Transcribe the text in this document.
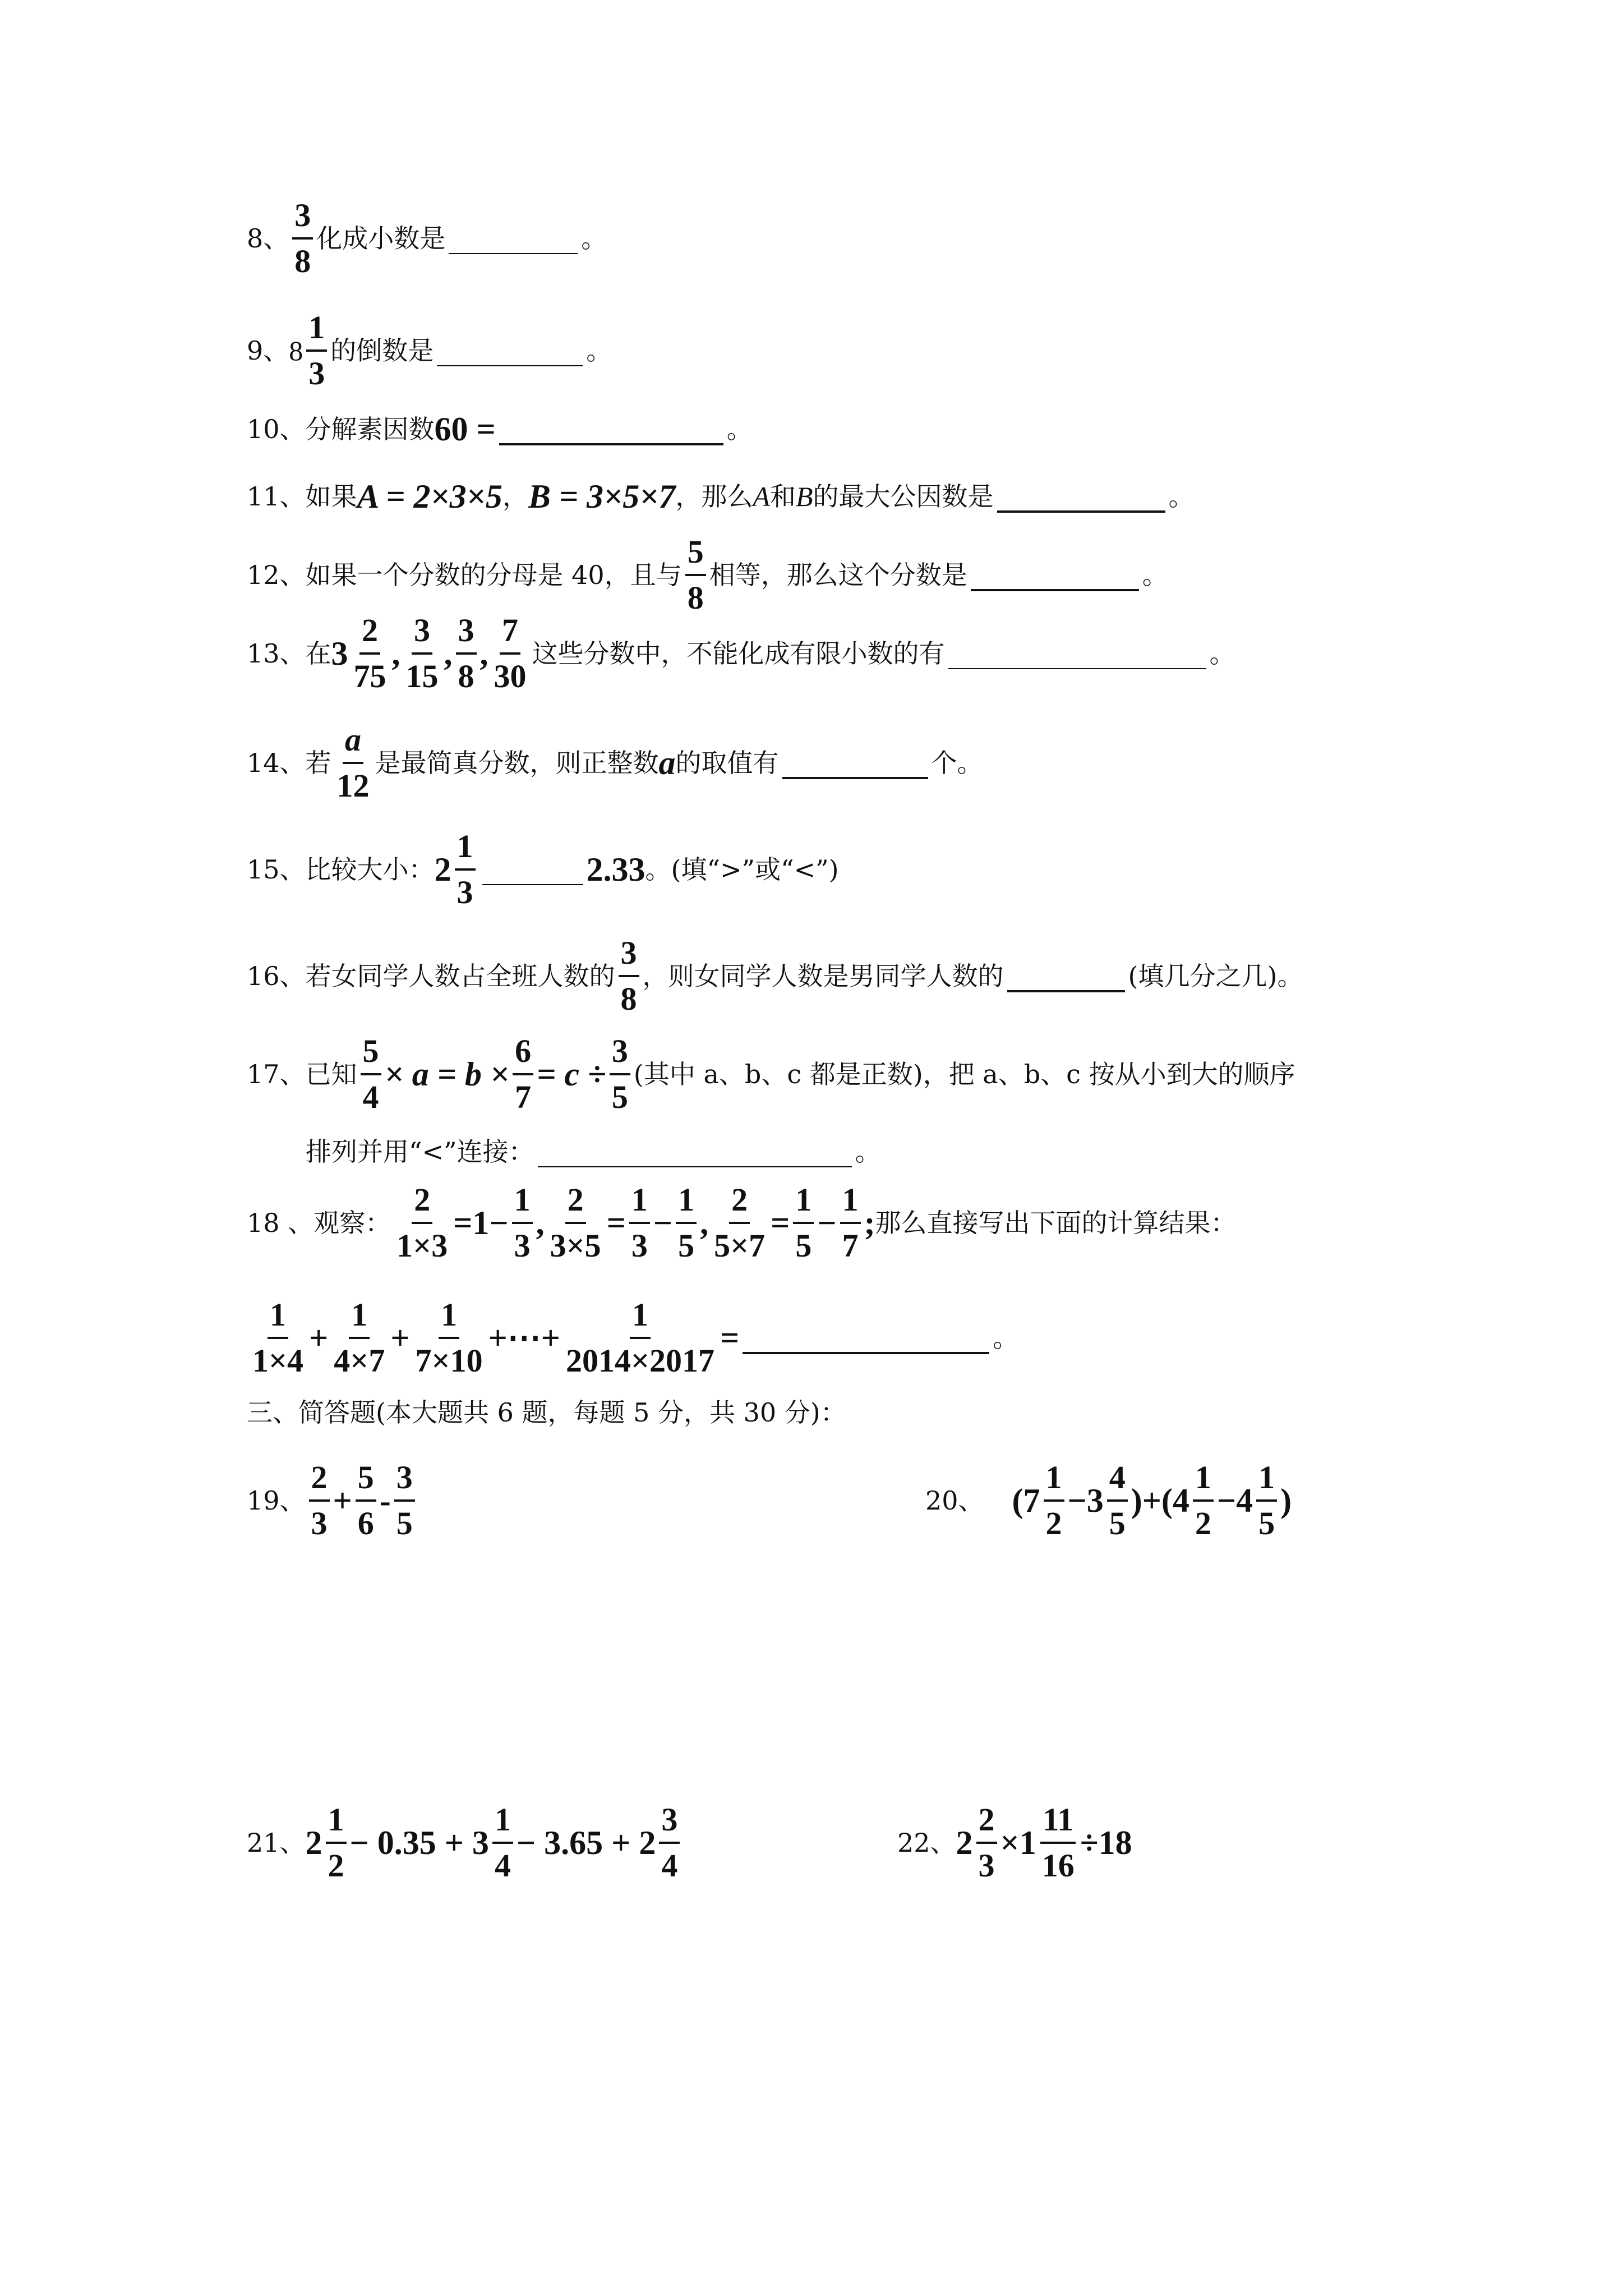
8、 $\frac{3}{8}$ 化成小数是	。
9、 $8 \frac{1}{3}$ 的倒数是	。
10、 分解素因数 60 =	。
11、 如果 A = 2×3×5 ， B = 3×5×7 ，那么 A 和 B 的最大公因数是	。
12、 如果一个分数的分母是 40，且与 $\frac{5}{8}$ 相等，那么这个分数是	。
13、 在 $3 \frac{2}{75}$ , $\frac{3}{15}$ , $\frac{3}{8}$ , $\frac{7}{30}$ 这些分数中，不能化成有限小数的有	。
14、 若 $\frac{a}{12}$ 是最简真分数，则正整数 a 的取值有	个。
15、 比较大小： $2 \frac{1}{3}$	2.33 。(填“>”或“<”)
16、 若女同学人数占全班人数的 $\frac{3}{8}$ ，则女同学人数是男同学人数的	(填几分之几)。
17、 已知 $\frac{5}{4} \times a = b \times \frac{6}{7} = c \div \frac{3}{5}$ (其中 a、b、c 都是正数)，把 a、b、c 按从小到大的顺序
排列并用“<”连接：	。
18 、 观察： $\frac{2}{1\times 3} = 1 - \frac{1}{3}$ , $\frac{2}{3\times 5} = \frac{1}{3} - \frac{1}{5}$ , $\frac{2}{5\times 7} = \frac{1}{5} - \frac{1}{7}$ ; 那么直接写出下面的计算结果：
$\frac{1}{1\times 4} + \frac{1}{4\times 7} + \frac{1}{7\times 10}$ +⋯+ $\frac{1}{2014\times 2017}$ =	。
三、简答题(本大题共 6 题，每题 5 分，共 30 分)：
19、 $\frac{2}{3} + \frac{5}{6} - \frac{3}{5}$	20、 $(7 \frac{1}{2} -3 \frac{4}{5} )+(4 \frac{1}{2} -4 \frac{1}{5}$ )
21、 $2 \frac{1}{2} - 0.35 + 3 \frac{1}{4} - 3.65 + 2 \frac{3}{4}$	22、 $2 \frac{2}{3} \times 1 \frac{11}{16} \div 18$
